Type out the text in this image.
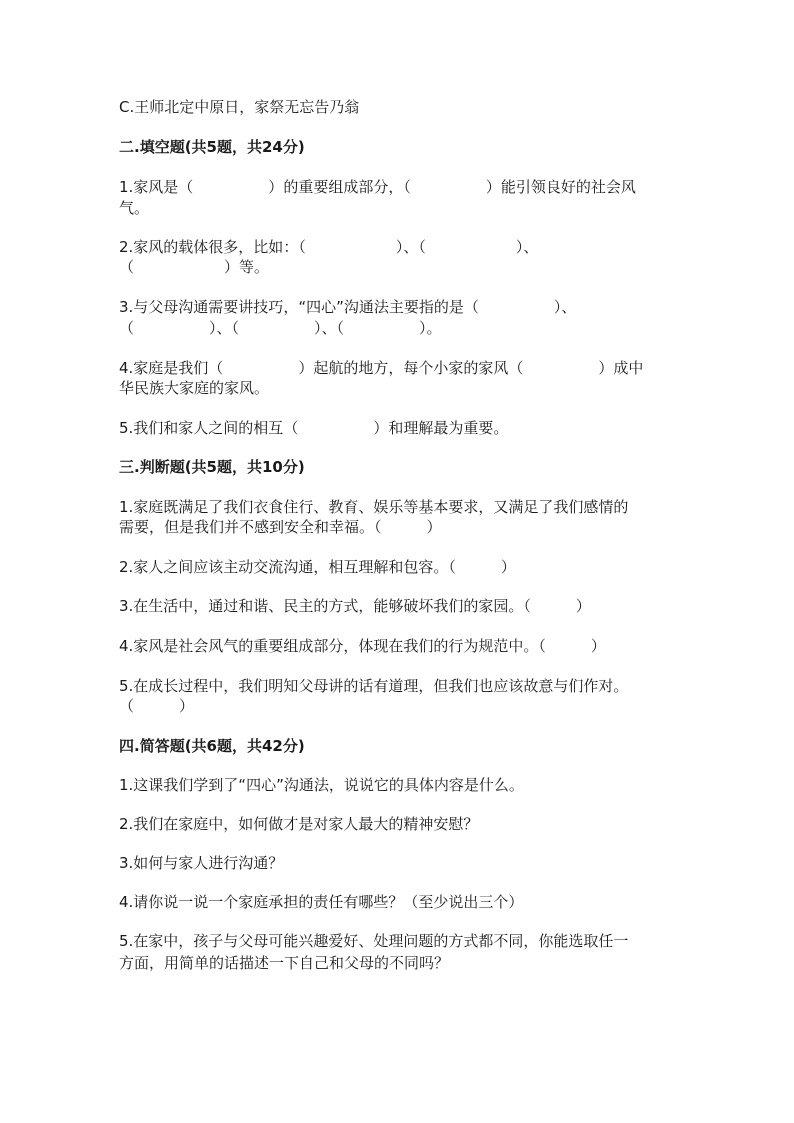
C.王师北定中原日，家祭无忘告乃翁
二.填空题(共5题，共24分)
1.家风是（　　　　　）的重要组成部分，（　　　　　）能引领良好的社会风
气。
2.家风的载体很多，比如：（　　　　　　）、（　　　　　　）、
（　　　　　　）等。
3.与父母沟通需要讲技巧，“四心”沟通法主要指的是（　　　　　）、
（　　　　　）、（　　　　　）、（　　　　　）。
4.家庭是我们（　　　　　）起航的地方，每个小家的家风（　　　　　）成中
华民族大家庭的家风。
5.我们和家人之间的相互（　　　　　）和理解最为重要。
三.判断题(共5题，共10分)
1.家庭既满足了我们衣食住行、教育、娱乐等基本要求，又满足了我们感情的
需要，但是我们并不感到安全和幸福。（　　　）
2.家人之间应该主动交流沟通，相互理解和包容。（　　　）
3.在生活中，通过和谐、民主的方式，能够破坏我们的家园。（　　　）
4.家风是社会风气的重要组成部分，体现在我们的行为规范中。（　　　）
5.在成长过程中，我们明知父母讲的话有道理，但我们也应该故意与们作对。
（　　　）
四.简答题(共6题，共42分)
1.这课我们学到了“四心”沟通法，说说它的具体内容是什么。
2.我们在家庭中，如何做才是对家人最大的精神安慰？
3.如何与家人进行沟通？
4.请你说一说一个家庭承担的责任有哪些？（至少说出三个）
5.在家中，孩子与父母可能兴趣爱好、处理问题的方式都不同，你能选取任一
方面，用简单的话描述一下自己和父母的不同吗？
